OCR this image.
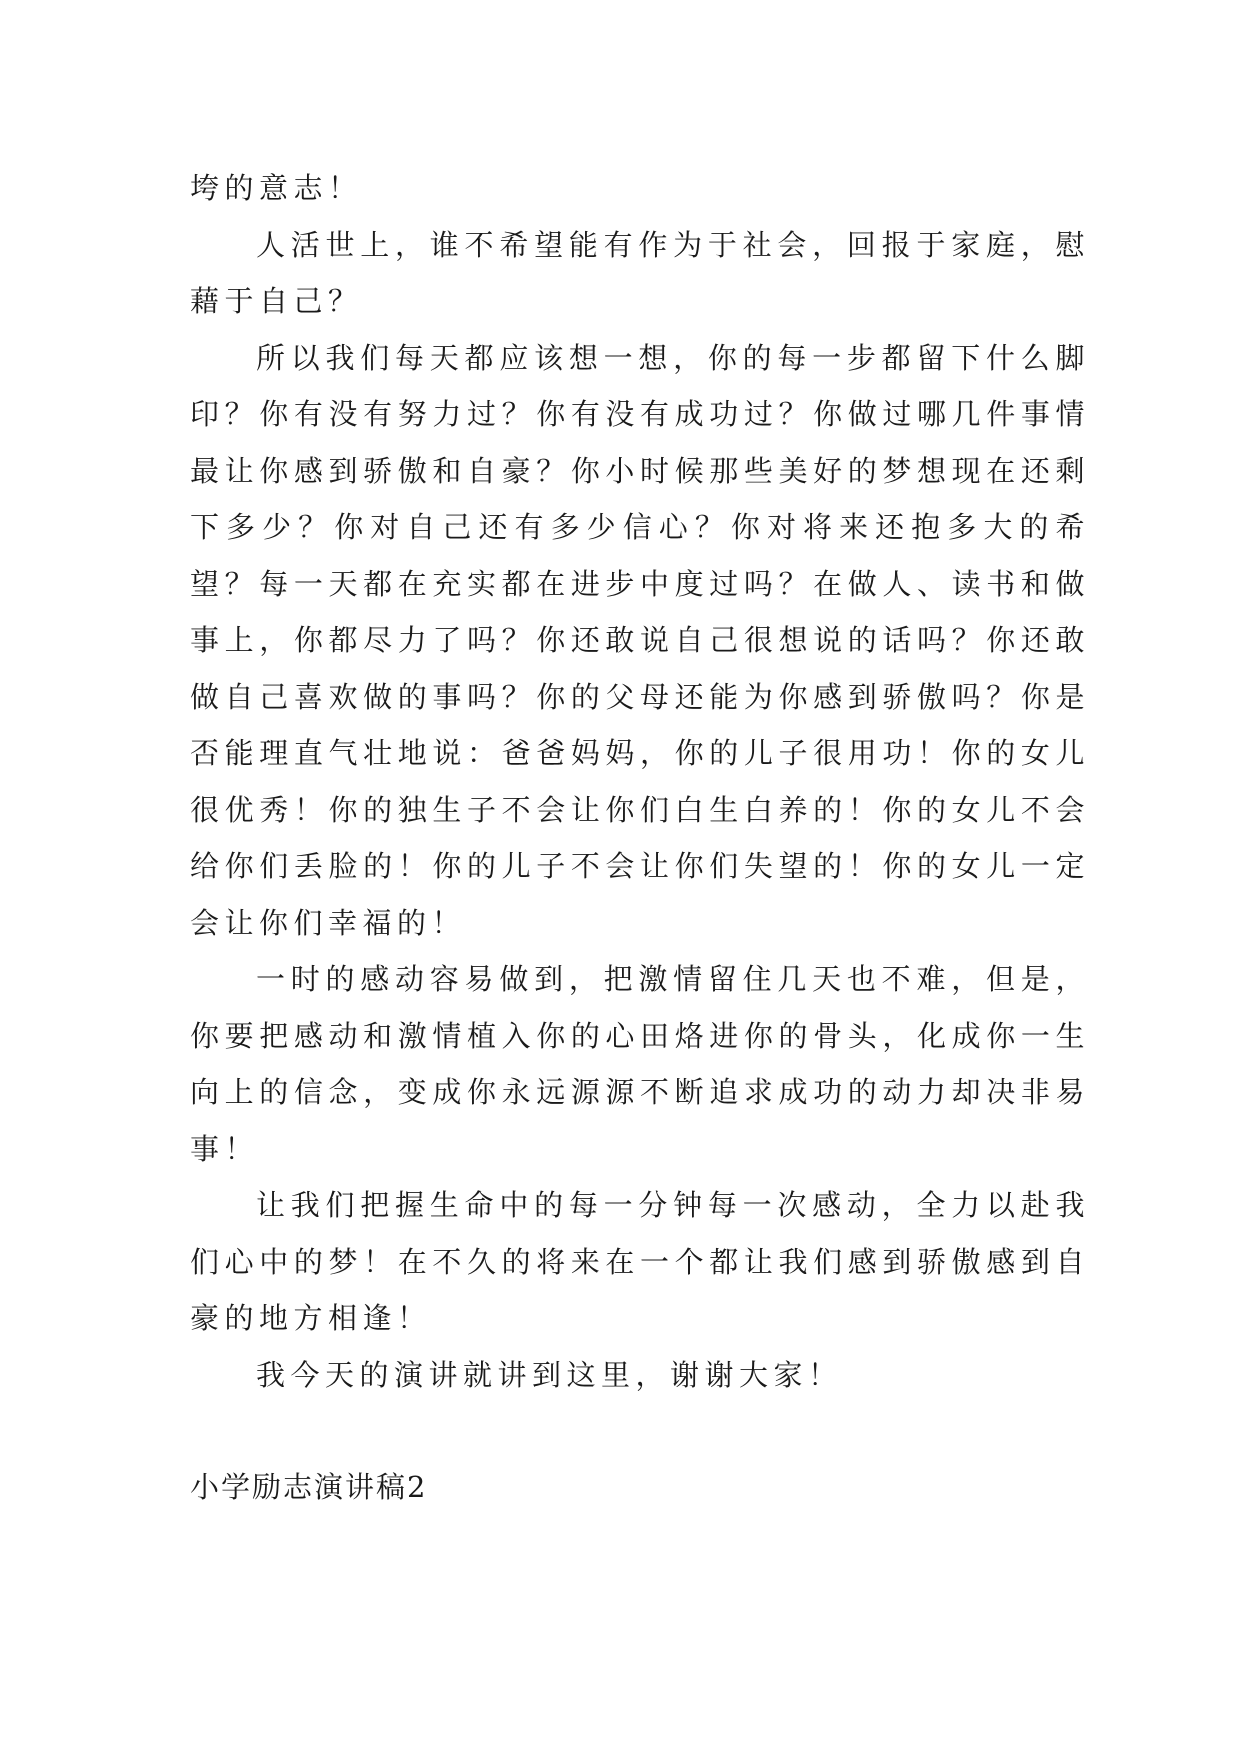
垮的意志！

人活世上，谁不希望能有作为于社会，回报于家庭，慰藉于自己？

所以我们每天都应该想一想，你的每一步都留下什么脚印？你有没有努力过？你有没有成功过？你做过哪几件事情最让你感到骄傲和自豪？你小时候那些美好的梦想现在还剩下多少？你对自己还有多少信心？你对将来还抱多大的希望？每一天都在充实都在进步中度过吗？在做人、读书和做事上，你都尽力了吗？你还敢说自己很想说的话吗？你还敢做自己喜欢做的事吗？你的父母还能为你感到骄傲吗？你是否能理直气壮地说：爸爸妈妈，你的儿子很用功！你的女儿很优秀！你的独生子不会让你们白生白养的！你的女儿不会给你们丢脸的！你的儿子不会让你们失望的！你的女儿一定会让你们幸福的！

一时的感动容易做到，把激情留住几天也不难，但是，你要把感动和激情植入你的心田烙进你的骨头，化成你一生向上的信念，变成你永远源源不断追求成功的动力却决非易事！

让我们把握生命中的每一分钟每一次感动，全力以赴我们心中的梦！在不久的将来在一个都让我们感到骄傲感到自豪的地方相逢！

我今天的演讲就讲到这里，谢谢大家！

小学励志演讲稿2
